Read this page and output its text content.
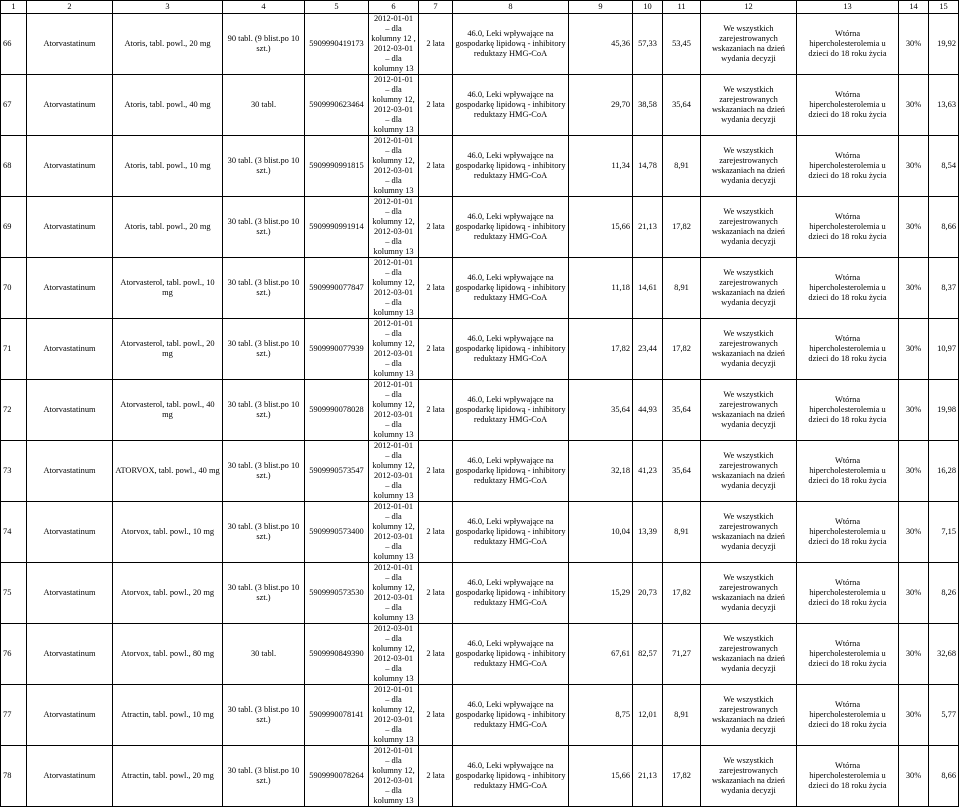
1	2	3	4	5	6	7	8	9	10	11	12	13	14	15
66	Atorvastatinum	Atoris, tabl. powl., 20 mg	90 tabl. (9 blist.po 10 szt.)	5909990419173	2012-01-01 – dla kolumny 12 , 2012-03-01 – dla kolumny 13	2 lata	46.0, Leki wpływające na gospodarkę lipidową - inhibitory reduktazy HMG-CoA	45,36	57,33	53,45	We wszystkich zarejestrowanych wskazaniach na dzień wydania decyzji	Wtórna hipercholesterolemia u dzieci do 18 roku życia	30%	19,92
67	Atorvastatinum	Atoris, tabl. powl., 40 mg	30 tabl.	5909990623464	2012-01-01 – dla kolumny 12, 2012-03-01 – dla kolumny 13	2 lata	46.0, Leki wpływające na gospodarkę lipidową - inhibitory reduktazy HMG-CoA	29,70	38,58	35,64	We wszystkich zarejestrowanych wskazaniach na dzień wydania decyzji	Wtórna hipercholesterolemia u dzieci do 18 roku życia	30%	13,63
68	Atorvastatinum	Atoris, tabl. powl., 10 mg	30 tabl. (3 blist.po 10 szt.)	5909990991815	2012-01-01 – dla kolumny 12, 2012-03-01 – dla kolumny 13	2 lata	46.0, Leki wpływające na gospodarkę lipidową - inhibitory reduktazy HMG-CoA	11,34	14,78	8,91	We wszystkich zarejestrowanych wskazaniach na dzień wydania decyzji	Wtórna hipercholesterolemia u dzieci do 18 roku życia	30%	8,54
69	Atorvastatinum	Atoris, tabl. powl., 20 mg	30 tabl. (3 blist.po 10 szt.)	5909990991914	2012-01-01 – dla kolumny 12, 2012-03-01 – dla kolumny 13	2 lata	46.0, Leki wpływające na gospodarkę lipidową - inhibitory reduktazy HMG-CoA	15,66	21,13	17,82	We wszystkich zarejestrowanych wskazaniach na dzień wydania decyzji	Wtórna hipercholesterolemia u dzieci do 18 roku życia	30%	8,66
70	Atorvastatinum	Atorvasterol, tabl. powl., 10 mg	30 tabl. (3 blist.po 10 szt.)	5909990077847	2012-01-01 – dla kolumny 12, 2012-03-01 – dla kolumny 13	2 lata	46.0, Leki wpływające na gospodarkę lipidową - inhibitory reduktazy HMG-CoA	11,18	14,61	8,91	We wszystkich zarejestrowanych wskazaniach na dzień wydania decyzji	Wtórna hipercholesterolemia u dzieci do 18 roku życia	30%	8,37
71	Atorvastatinum	Atorvasterol, tabl. powl., 20 mg	30 tabl. (3 blist.po 10 szt.)	5909990077939	2012-01-01 – dla kolumny 12, 2012-03-01 – dla kolumny 13	2 lata	46.0, Leki wpływające na gospodarkę lipidową - inhibitory reduktazy HMG-CoA	17,82	23,44	17,82	We wszystkich zarejestrowanych wskazaniach na dzień wydania decyzji	Wtórna hipercholesterolemia u dzieci do 18 roku życia	30%	10,97
72	Atorvastatinum	Atorvasterol, tabl. powl., 40 mg	30 tabl. (3 blist.po 10 szt.)	5909990078028	2012-01-01 – dla kolumny 12, 2012-03-01 – dla kolumny 13	2 lata	46.0, Leki wpływające na gospodarkę lipidową - inhibitory reduktazy HMG-CoA	35,64	44,93	35,64	We wszystkich zarejestrowanych wskazaniach na dzień wydania decyzji	Wtórna hipercholesterolemia u dzieci do 18 roku życia	30%	19,98
73	Atorvastatinum	ATORVOX, tabl. powl., 40 mg	30 tabl. (3 blist.po 10 szt.)	5909990573547	2012-01-01 – dla kolumny 12, 2012-03-01 – dla kolumny 13	2 lata	46.0, Leki wpływające na gospodarkę lipidową - inhibitory reduktazy HMG-CoA	32,18	41,23	35,64	We wszystkich zarejestrowanych wskazaniach na dzień wydania decyzji	Wtórna hipercholesterolemia u dzieci do 18 roku życia	30%	16,28
74	Atorvastatinum	Atorvox, tabl. powl., 10 mg	30 tabl. (3 blist.po 10 szt.)	5909990573400	2012-01-01 – dla kolumny 12, 2012-03-01 – dla kolumny 13	2 lata	46.0, Leki wpływające na gospodarkę lipidową - inhibitory reduktazy HMG-CoA	10,04	13,39	8,91	We wszystkich zarejestrowanych wskazaniach na dzień wydania decyzji	Wtórna hipercholesterolemia u dzieci do 18 roku życia	30%	7,15
75	Atorvastatinum	Atorvox, tabl. powl., 20 mg	30 tabl. (3 blist.po 10 szt.)	5909990573530	2012-01-01 – dla kolumny 12, 2012-03-01 – dla kolumny 13	2 lata	46.0, Leki wpływające na gospodarkę lipidową - inhibitory reduktazy HMG-CoA	15,29	20,73	17,82	We wszystkich zarejestrowanych wskazaniach na dzień wydania decyzji	Wtórna hipercholesterolemia u dzieci do 18 roku życia	30%	8,26
76	Atorvastatinum	Atorvox, tabl. powl., 80 mg	30 tabl.	5909990849390	2012-03-01 – dla kolumny 12, 2012-03-01 – dla kolumny 13	2 lata	46.0, Leki wpływające na gospodarkę lipidową - inhibitory reduktazy HMG-CoA	67,61	82,57	71,27	We wszystkich zarejestrowanych wskazaniach na dzień wydania decyzji	Wtórna hipercholesterolemia u dzieci do 18 roku życia	30%	32,68
77	Atorvastatinum	Atractin, tabl. powl., 10 mg	30 tabl. (3 blist.po 10 szt.)	5909990078141	2012-01-01 – dla kolumny 12, 2012-03-01 – dla kolumny 13	2 lata	46.0, Leki wpływające na gospodarkę lipidową - inhibitory reduktazy HMG-CoA	8,75	12,01	8,91	We wszystkich zarejestrowanych wskazaniach na dzień wydania decyzji	Wtórna hipercholesterolemia u dzieci do 18 roku życia	30%	5,77
78	Atorvastatinum	Atractin, tabl. powl., 20 mg	30 tabl. (3 blist.po 10 szt.)	5909990078264	2012-01-01 – dla kolumny 12, 2012-03-01 – dla kolumny 13	2 lata	46.0, Leki wpływające na gospodarkę lipidową - inhibitory reduktazy HMG-CoA	15,66	21,13	17,82	We wszystkich zarejestrowanych wskazaniach na dzień wydania decyzji	Wtórna hipercholesterolemia u dzieci do 18 roku życia	30%	8,66
